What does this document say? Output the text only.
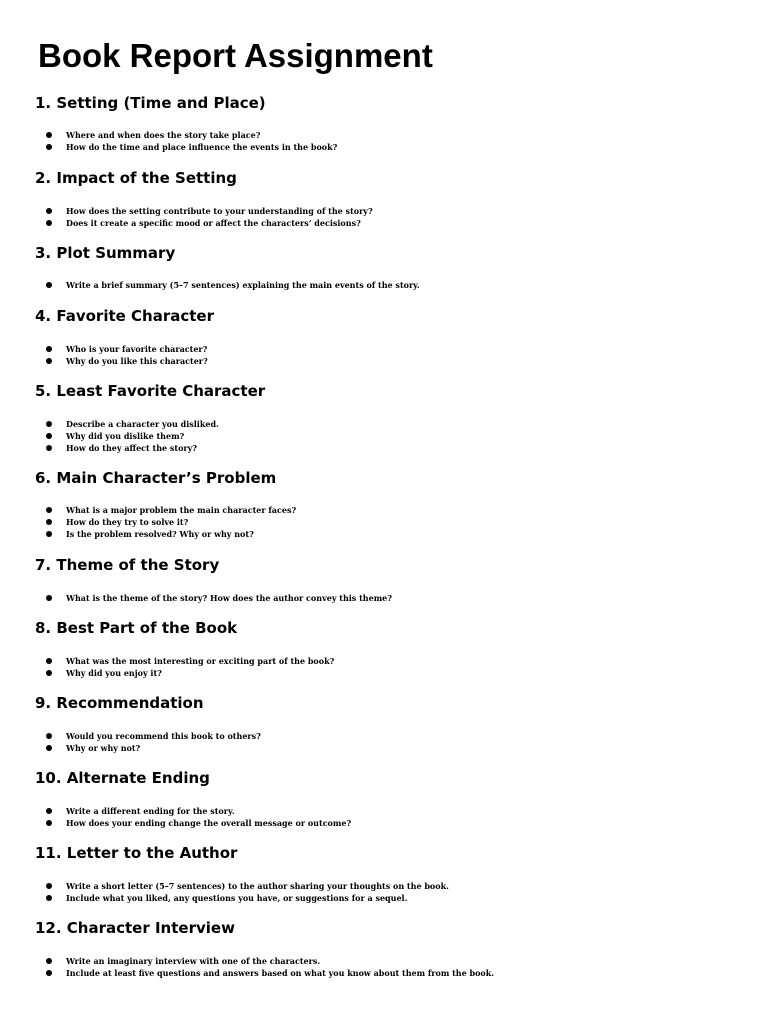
Book Report Assignment
1. Setting (Time and Place)
Where and when does the story take place?
How do the time and place influence the events in the book?
2. Impact of the Setting
How does the setting contribute to your understanding of the story?
Does it create a specific mood or affect the characters’ decisions?
3. Plot Summary
Write a brief summary (5–7 sentences) explaining the main events of the story.
4. Favorite Character
Who is your favorite character?
Why do you like this character?
5. Least Favorite Character
Describe a character you disliked.
Why did you dislike them?
How do they affect the story?
6. Main Character’s Problem
What is a major problem the main character faces?
How do they try to solve it?
Is the problem resolved? Why or why not?
7. Theme of the Story
What is the theme of the story? How does the author convey this theme?
8. Best Part of the Book
What was the most interesting or exciting part of the book?
Why did you enjoy it?
9. Recommendation
Would you recommend this book to others?
Why or why not?
10. Alternate Ending
Write a different ending for the story.
How does your ending change the overall message or outcome?
11. Letter to the Author
Write a short letter (5–7 sentences) to the author sharing your thoughts on the book.
Include what you liked, any questions you have, or suggestions for a sequel.
12. Character Interview
Write an imaginary interview with one of the characters.
Include at least five questions and answers based on what you know about them from the book.
